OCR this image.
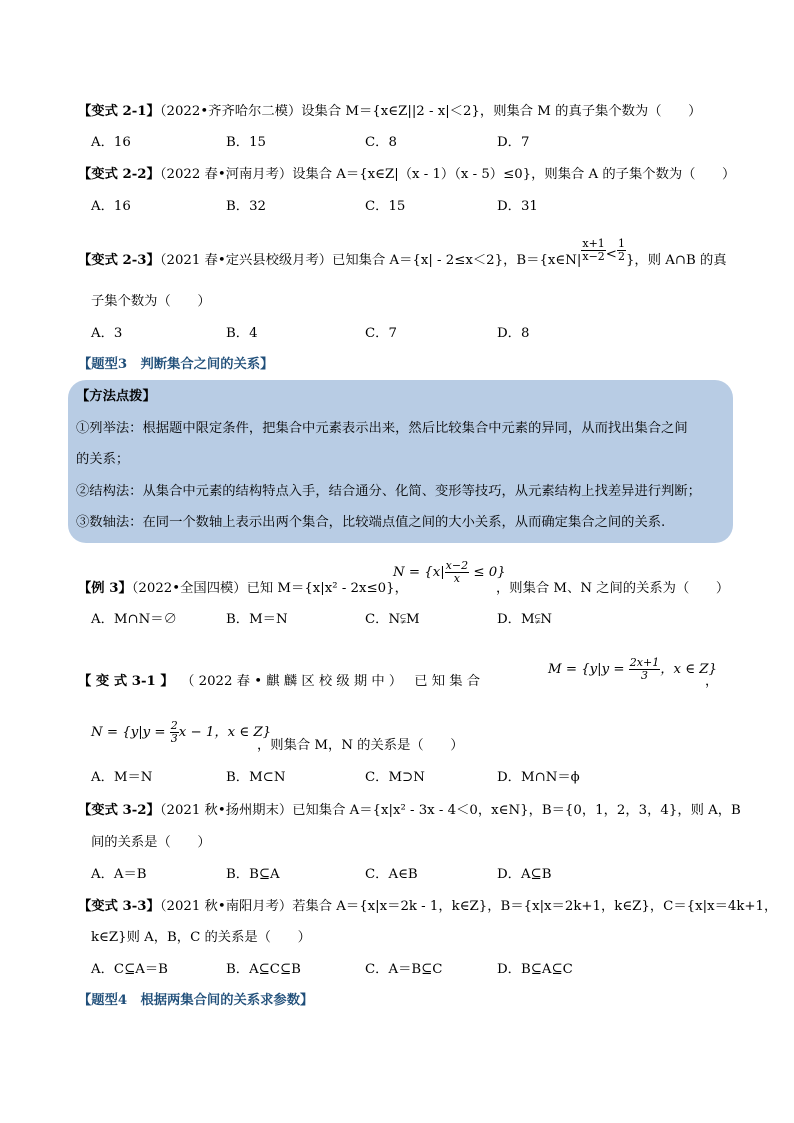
【变式 2-1】（2022•齐齐哈尔二模）设集合 M＝{x∈Z||2 - x|＜2}，则集合 M 的真子集个数为（　　）
A．16	B．15	C．8	D．7
【变式 2-2】（2022 春•河南月考）设集合 A＝{x∈Z|（x - 1）（x - 5）≤0}，则集合 A 的子集个数为（　　）
A．16	B．32	C．15	D．31
【变式 2-3】（2021 春•定兴县校级月考）已知集合 A＝{x| - 2≤x＜2}，B＝{x∈N| $\frac{x+1}{x-2} < \frac{1}{2}$ }，则 A∩B 的真
子集个数为（　　）
A．3	B．4	C．7	D．8
【题型3　判断集合之间的关系】
【方法点拨】
①列举法：根据题中限定条件，把集合中元素表示出来，然后比较集合中元素的异同，从而找出集合之间
的关系；
②结构法：从集合中元素的结构特点入手，结合通分、化简、变形等技巧，从元素结构上找差异进行判断；
③数轴法：在同一个数轴上表示出两个集合，比较端点值之间的大小关系，从而确定集合之间的关系.
【例 3】（2022•全国四模）已知 M＝{x|x² - 2x≤0}，
$N = \{x| \frac{x-2}{x} \le 0\}$
，则集合 M、N 之间的关系为（　　）
A．M∩N＝∅	B．M＝N	C．N⫋M	D．M⫋N
【 变 式 3-1 】 （ 2022 春 • 麒 麟 区 校 级 期 中 ） 已 知 集 合
$M = \{y|y = \frac{2x+1}{3}$ ，x ∈ Z}
，
$N = \{y|y = \frac{2}{3}$ x − 1，x ∈ Z}
，则集合 M，N 的关系是（　　）
A．M＝N	B．M⊂N	C．M⊃N	D．M∩N＝ϕ
【变式 3-2】（2021 秋•扬州期末）已知集合 A＝{x|x² - 3x - 4＜0，x∈N}，B＝{0，1，2，3，4}，则 A，B
间的关系是（　　）
A．A＝B	B．B⊆A	C．A∈B	D．A⊆B
【变式 3-3】（2021 秋•南阳月考）若集合 A＝{x|x＝2k - 1，k∈Z}，B＝{x|x＝2k+1，k∈Z}，C＝{x|x＝4k+1，
k∈Z}则 A，B，C 的关系是（　　）
A．C⊆A＝B	B．A⊆C⊆B	C．A＝B⊆C	D．B⊆A⊆C
【题型4　根据两集合间的关系求参数】
